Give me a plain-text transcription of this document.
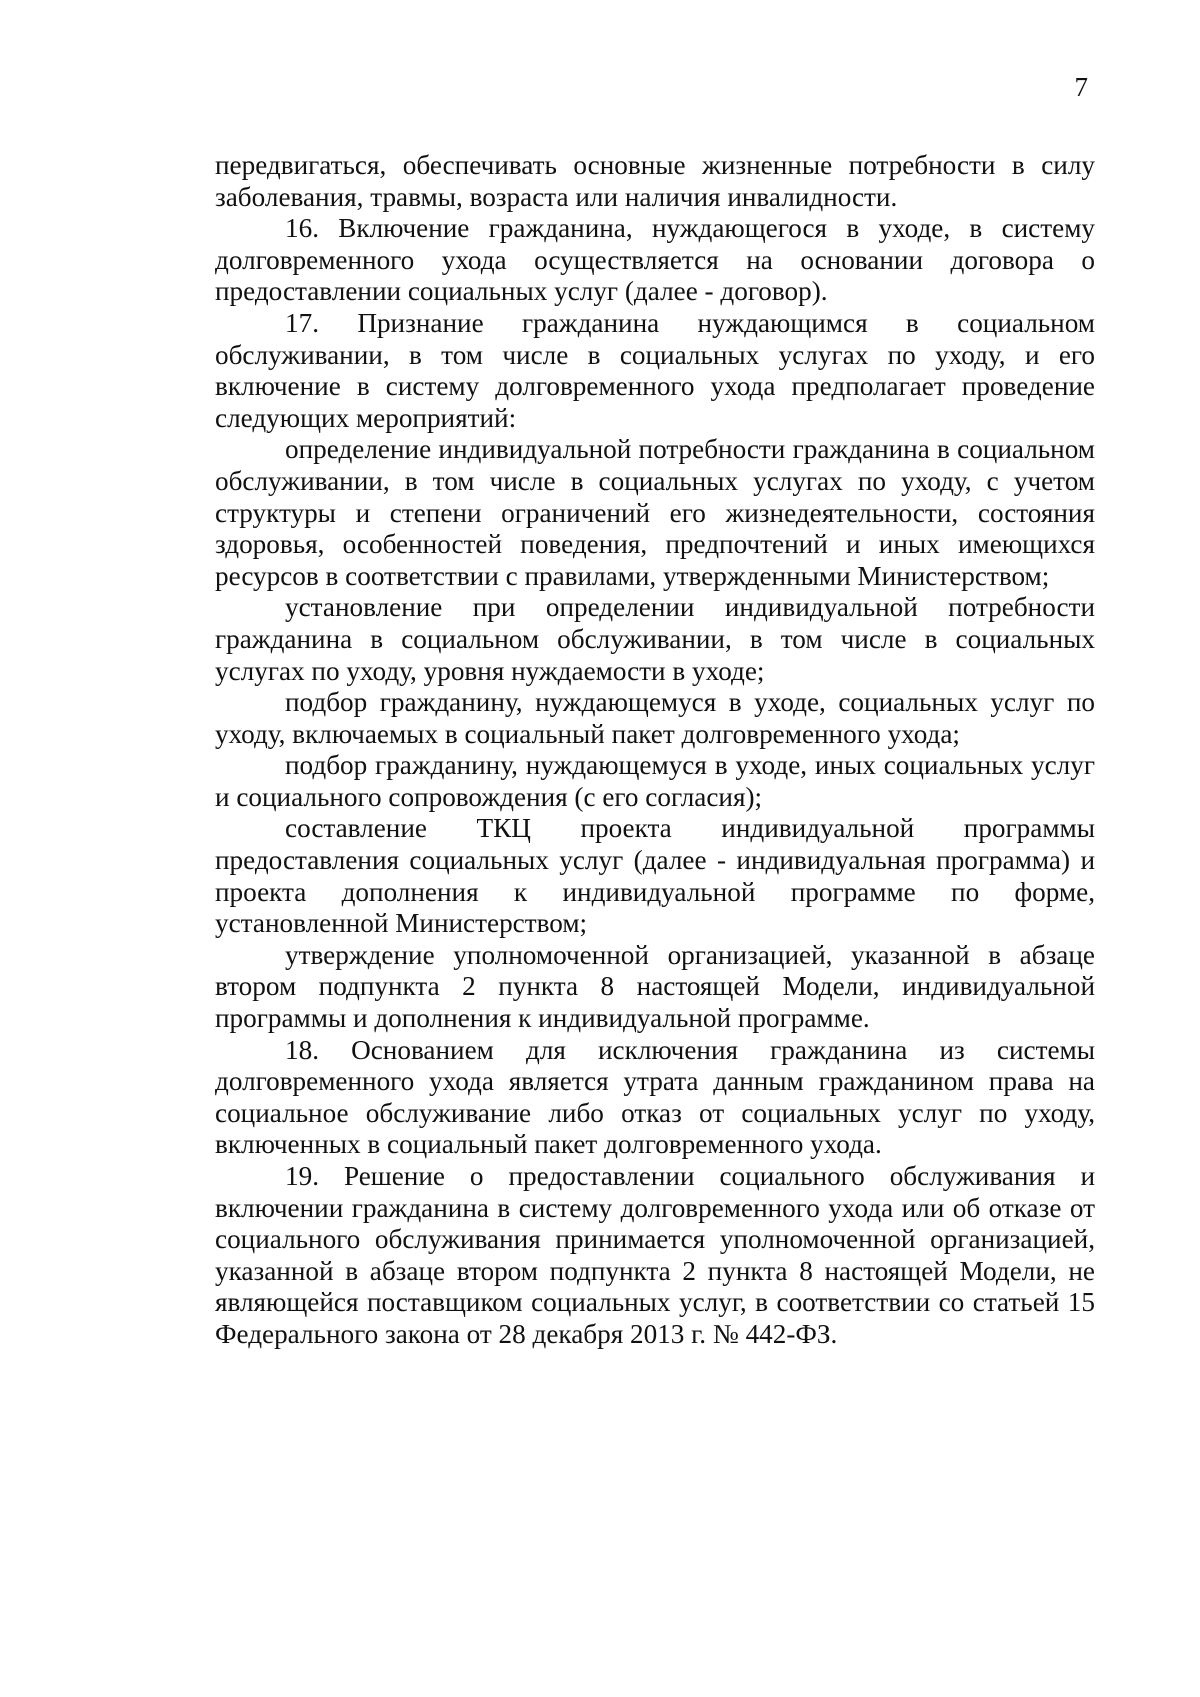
7

передвигаться, обеспечивать основные жизненные потребности в силу заболевания, травмы, возраста или наличия инвалидности.

16. Включение гражданина, нуждающегося в уходе, в систему долговременного ухода осуществляется на основании договора о предоставлении социальных услуг (далее - договор).

17. Признание гражданина нуждающимся в социальном обслуживании, в том числе в социальных услугах по уходу, и его включение в систему долговременного ухода предполагает проведение следующих мероприятий:

определение индивидуальной потребности гражданина в социальном обслуживании, в том числе в социальных услугах по уходу, с учетом структуры и степени ограничений его жизнедеятельности, состояния здоровья, особенностей поведения, предпочтений и иных имеющихся ресурсов в соответствии с правилами, утвержденными Министерством;

установление при определении индивидуальной потребности гражданина в социальном обслуживании, в том числе в социальных услугах по уходу, уровня нуждаемости в уходе;

подбор гражданину, нуждающемуся в уходе, социальных услуг по уходу, включаемых в социальный пакет долговременного ухода;

подбор гражданину, нуждающемуся в уходе, иных социальных услуг и социального сопровождения (с его согласия);

составление ТКЦ проекта индивидуальной программы предоставления социальных услуг (далее - индивидуальная программа) и проекта дополнения к индивидуальной программе по форме, установленной Министерством;

утверждение уполномоченной организацией, указанной в абзаце втором подпункта 2 пункта 8 настоящей Модели, индивидуальной программы и дополнения к индивидуальной программе.

18. Основанием для исключения гражданина из системы долговременного ухода является утрата данным гражданином права на социальное обслуживание либо отказ от социальных услуг по уходу, включенных в социальный пакет долговременного ухода.

19. Решение о предоставлении социального обслуживания и включении гражданина в систему долговременного ухода или об отказе от социального обслуживания принимается уполномоченной организацией, указанной в абзаце втором подпункта 2 пункта 8 настоящей Модели, не являющейся поставщиком социальных услуг, в соответствии со статьей 15 Федерального закона от 28 декабря 2013 г. № 442-ФЗ.
